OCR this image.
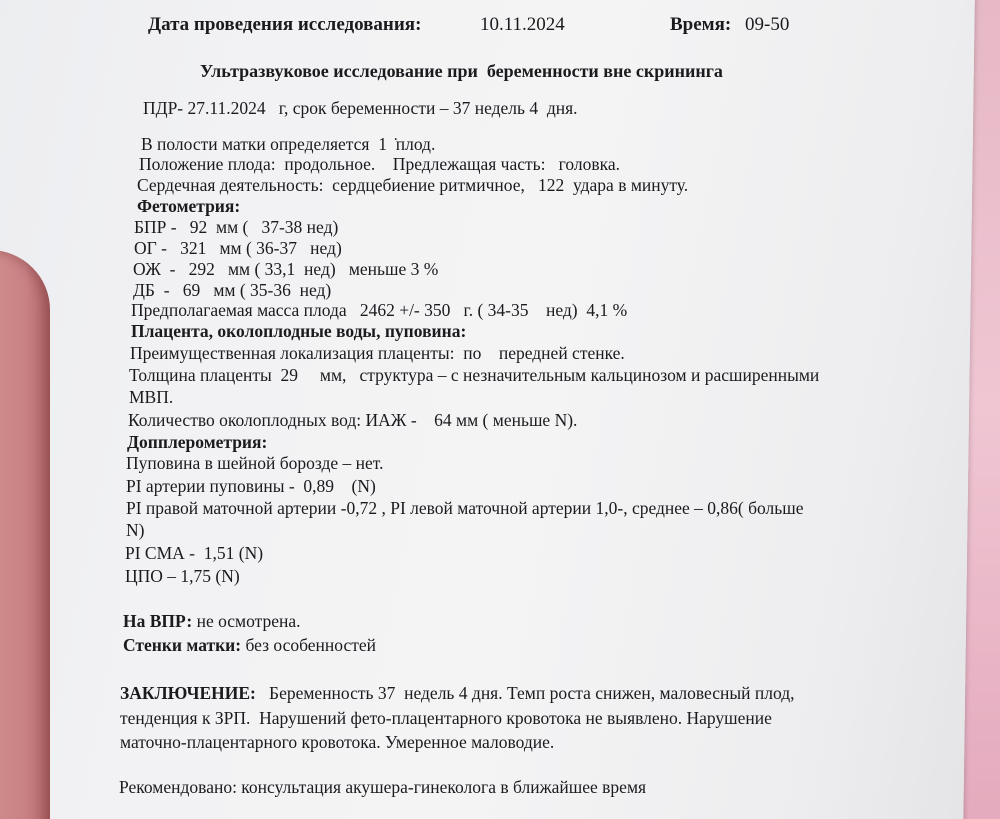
Дата проведения исследования:	10.11.2024	Время: 09-50
Ультразвуковое исследование при  беременности вне скрининга
ПДР- 27.11.2024   г, срок беременности – 37 недель 4  дня.
В полости матки определяется  1  ̇плод.
Положение плода:  продольное.    Предлежащая часть:   головка.
Сердечная деятельность:  сердцебиение ритмичное,   122  удара в минуту.
Фетометрия:
БПР -   92  мм (   37-38 нед)
ОГ -   321   мм ( 36-37   нед)
ОЖ  -   292   мм ( 33,1  нед)   меньше 3 %
ДБ  -   69   мм ( 35-36  нед)
Предполагаемая масса плода   2462 +/- 350   г. ( 34-35    нед)  4,1 %
Плацента, околоплодные воды, пуповина:
Преимущественная локализация плаценты:  по    передней стенке.
Толщина плаценты  29     мм,   структура – с незначительным кальцинозом и расширенными
МВП.
Количество околоплодных вод: ИАЖ -    64 мм ( меньше N).
Допплерометрия:
Пуповина в шейной борозде – нет.
PI артерии пуповины -  0,89    (N)
PI правой маточной артерии -0,72 , PI левой маточной артерии 1,0-, среднее – 0,86( больше
N)
PI СМА -  1,51 (N)
ЦПО – 1,75 (N)
На ВПР: не осмотрена.
Стенки матки: без особенностей
ЗАКЛЮЧЕНИЕ:   Беременность 37  недель 4 дня. Темп роста снижен, маловесный плод,
тенденция к ЗРП.  Нарушений фето-плацентарного кровотока не выявлено. Нарушение
маточно-плацентарного кровотока. Умеренное маловодие.
Рекомендовано: консультация акушера-гинеколога в ближайшее время
